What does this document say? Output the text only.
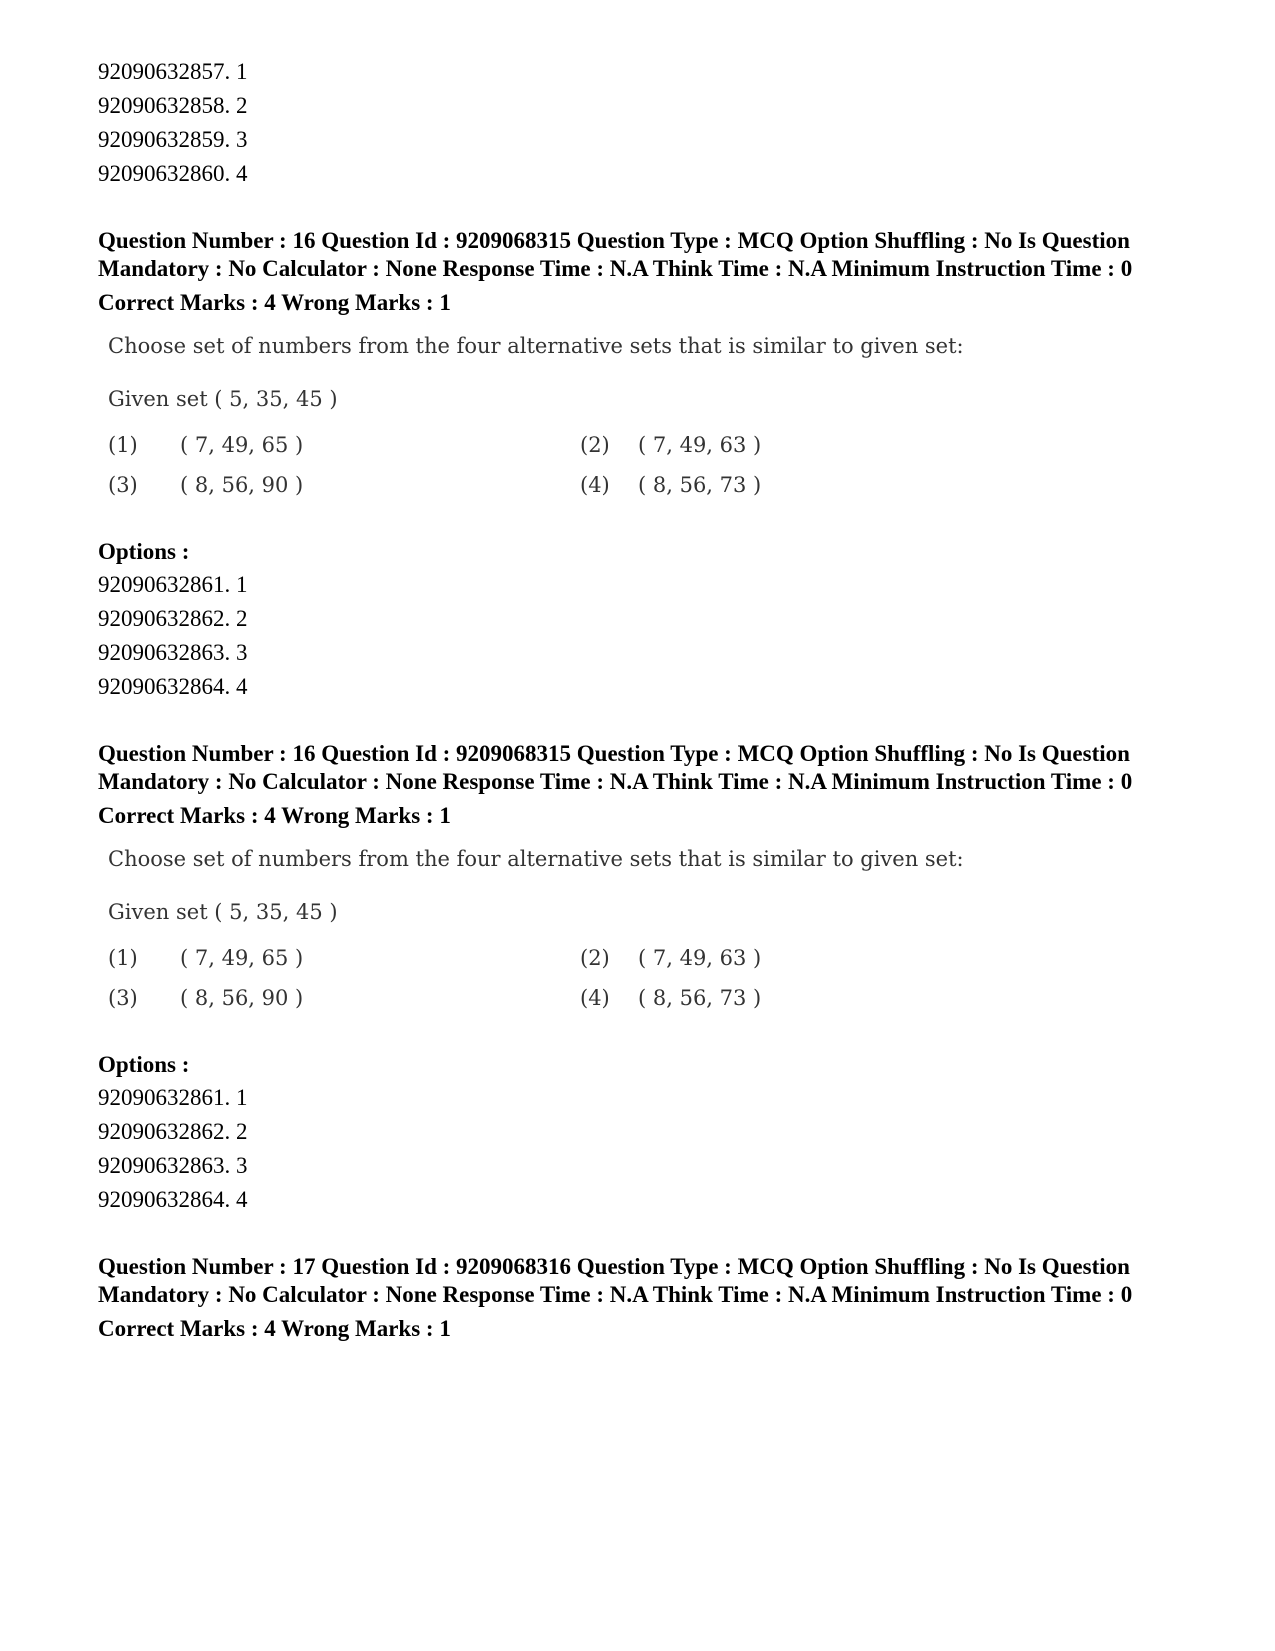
92090632857. 1
92090632858. 2
92090632859. 3
92090632860. 4
Question Number : 16 Question Id : 9209068315 Question Type : MCQ Option Shuffling : No Is Question Mandatory : No Calculator : None Response Time : N.A Think Time : N.A Minimum Instruction Time : 0
Correct Marks : 4 Wrong Marks : 1
Choose set of numbers from the four alternative sets that is similar to given set:
Given set ( 5, 35, 45 )
(1)	( 7, 49, 65 )	(2)	( 7, 49, 63 )
(3)	( 8, 56, 90 )	(4)	( 8, 56, 73 )
Options :
92090632861. 1
92090632862. 2
92090632863. 3
92090632864. 4
Question Number : 16 Question Id : 9209068315 Question Type : MCQ Option Shuffling : No Is Question Mandatory : No Calculator : None Response Time : N.A Think Time : N.A Minimum Instruction Time : 0
Correct Marks : 4 Wrong Marks : 1
Choose set of numbers from the four alternative sets that is similar to given set:
Given set ( 5, 35, 45 )
(1)	( 7, 49, 65 )	(2)	( 7, 49, 63 )
(3)	( 8, 56, 90 )	(4)	( 8, 56, 73 )
Options :
92090632861. 1
92090632862. 2
92090632863. 3
92090632864. 4
Question Number : 17 Question Id : 9209068316 Question Type : MCQ Option Shuffling : No Is Question Mandatory : No Calculator : None Response Time : N.A Think Time : N.A Minimum Instruction Time : 0
Correct Marks : 4 Wrong Marks : 1
